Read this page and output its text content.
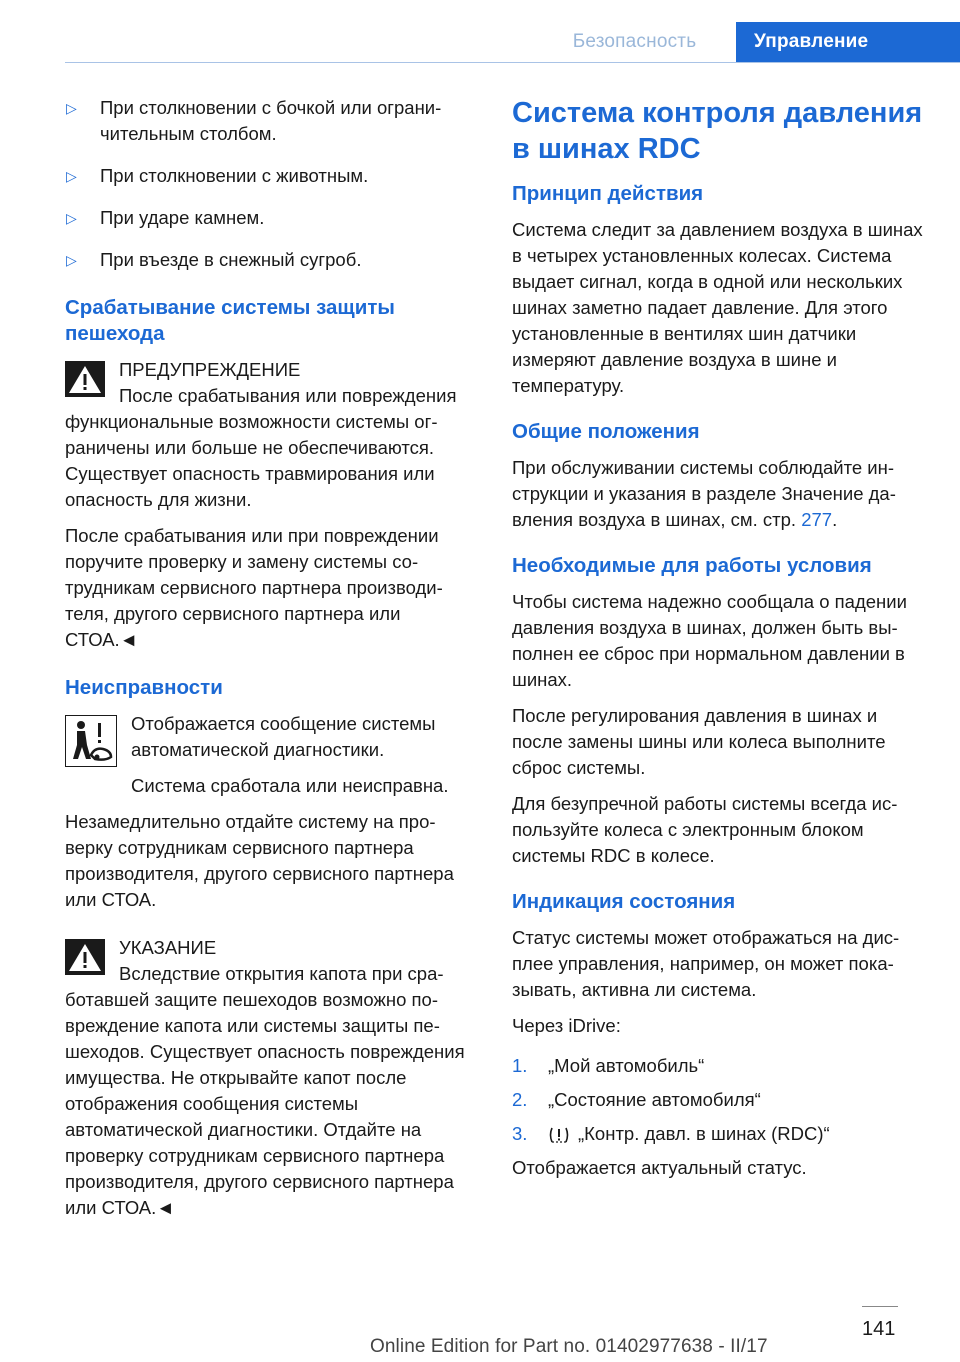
Безопасность	Управление
▷	При столкновении с бочкой или ограничительным столбом.
▷	При столкновении с животным.
▷	При ударе камнем.
▷	При въезде в снежный сугроб.
Срабатывание системы защиты пешехода

ПРЕДУПРЕЖДЕНИЕ

После срабатывания или повреждения функциональные возможности системы ограничены или больше не обеспечиваются. Существует опасность травмирования или опасность для жизни.

После срабатывания или при повреждении поручите проверку и замену системы сотрудникам сервисного партнера производителя, другого сервисного партнера или СТОА.◄

Неисправности

Отображается сообщение системы автоматической диагностики.

Система сработала или неисправна.

Незамедлительно отдайте систему на проверку сотрудникам сервисного партнера производителя, другого сервисного партнера или СТОА.

УКАЗАНИЕ

Вследствие открытия капота при сработавшей защите пешеходов возможно повреждение капота или системы защиты пешеходов. Существует опасность повреждения имущества. Не открывайте капот после отображения сообщения системы автоматической диагностики. Отдайте на проверку сотрудникам сервисного партнера производителя, другого сервисного партнера или СТОА.◄

Система контроля давления в шинах RDC
Принцип действия

Система следит за давлением воздуха в шинах в четырех установленных колесах. Система выдает сигнал, когда в одной или нескольких шинах заметно падает давление. Для этого установленные в вентилях шин датчики измеряют давление воздуха в шине и температуру.

Общие положения

При обслуживании системы соблюдайте инструкции и указания в разделе Значение давления воздуха в шинах, см. стр. 277.

Необходимые для работы условия

Чтобы система надежно сообщала о падении давления воздуха в шинах, должен быть выполнен ее сброс при нормальном давлении в шинах.

После регулирования давления в шинах и после замены шины или колеса выполните сброс системы.

Для безупречной работы системы всегда используйте колеса с электронным блоком системы RDC в колесе.

Индикация состояния

Статус системы может отображаться на дисплее управления, например, он может показывать, активна ли система.

Через iDrive:

1.	„Мой автомобиль“
2.	„Состояние автомобиля“
3.	„Контр. давл. в шинах (RDC)“

Отображается актуальный статус.

141
Online Edition for Part no. 01402977638 - II/17
